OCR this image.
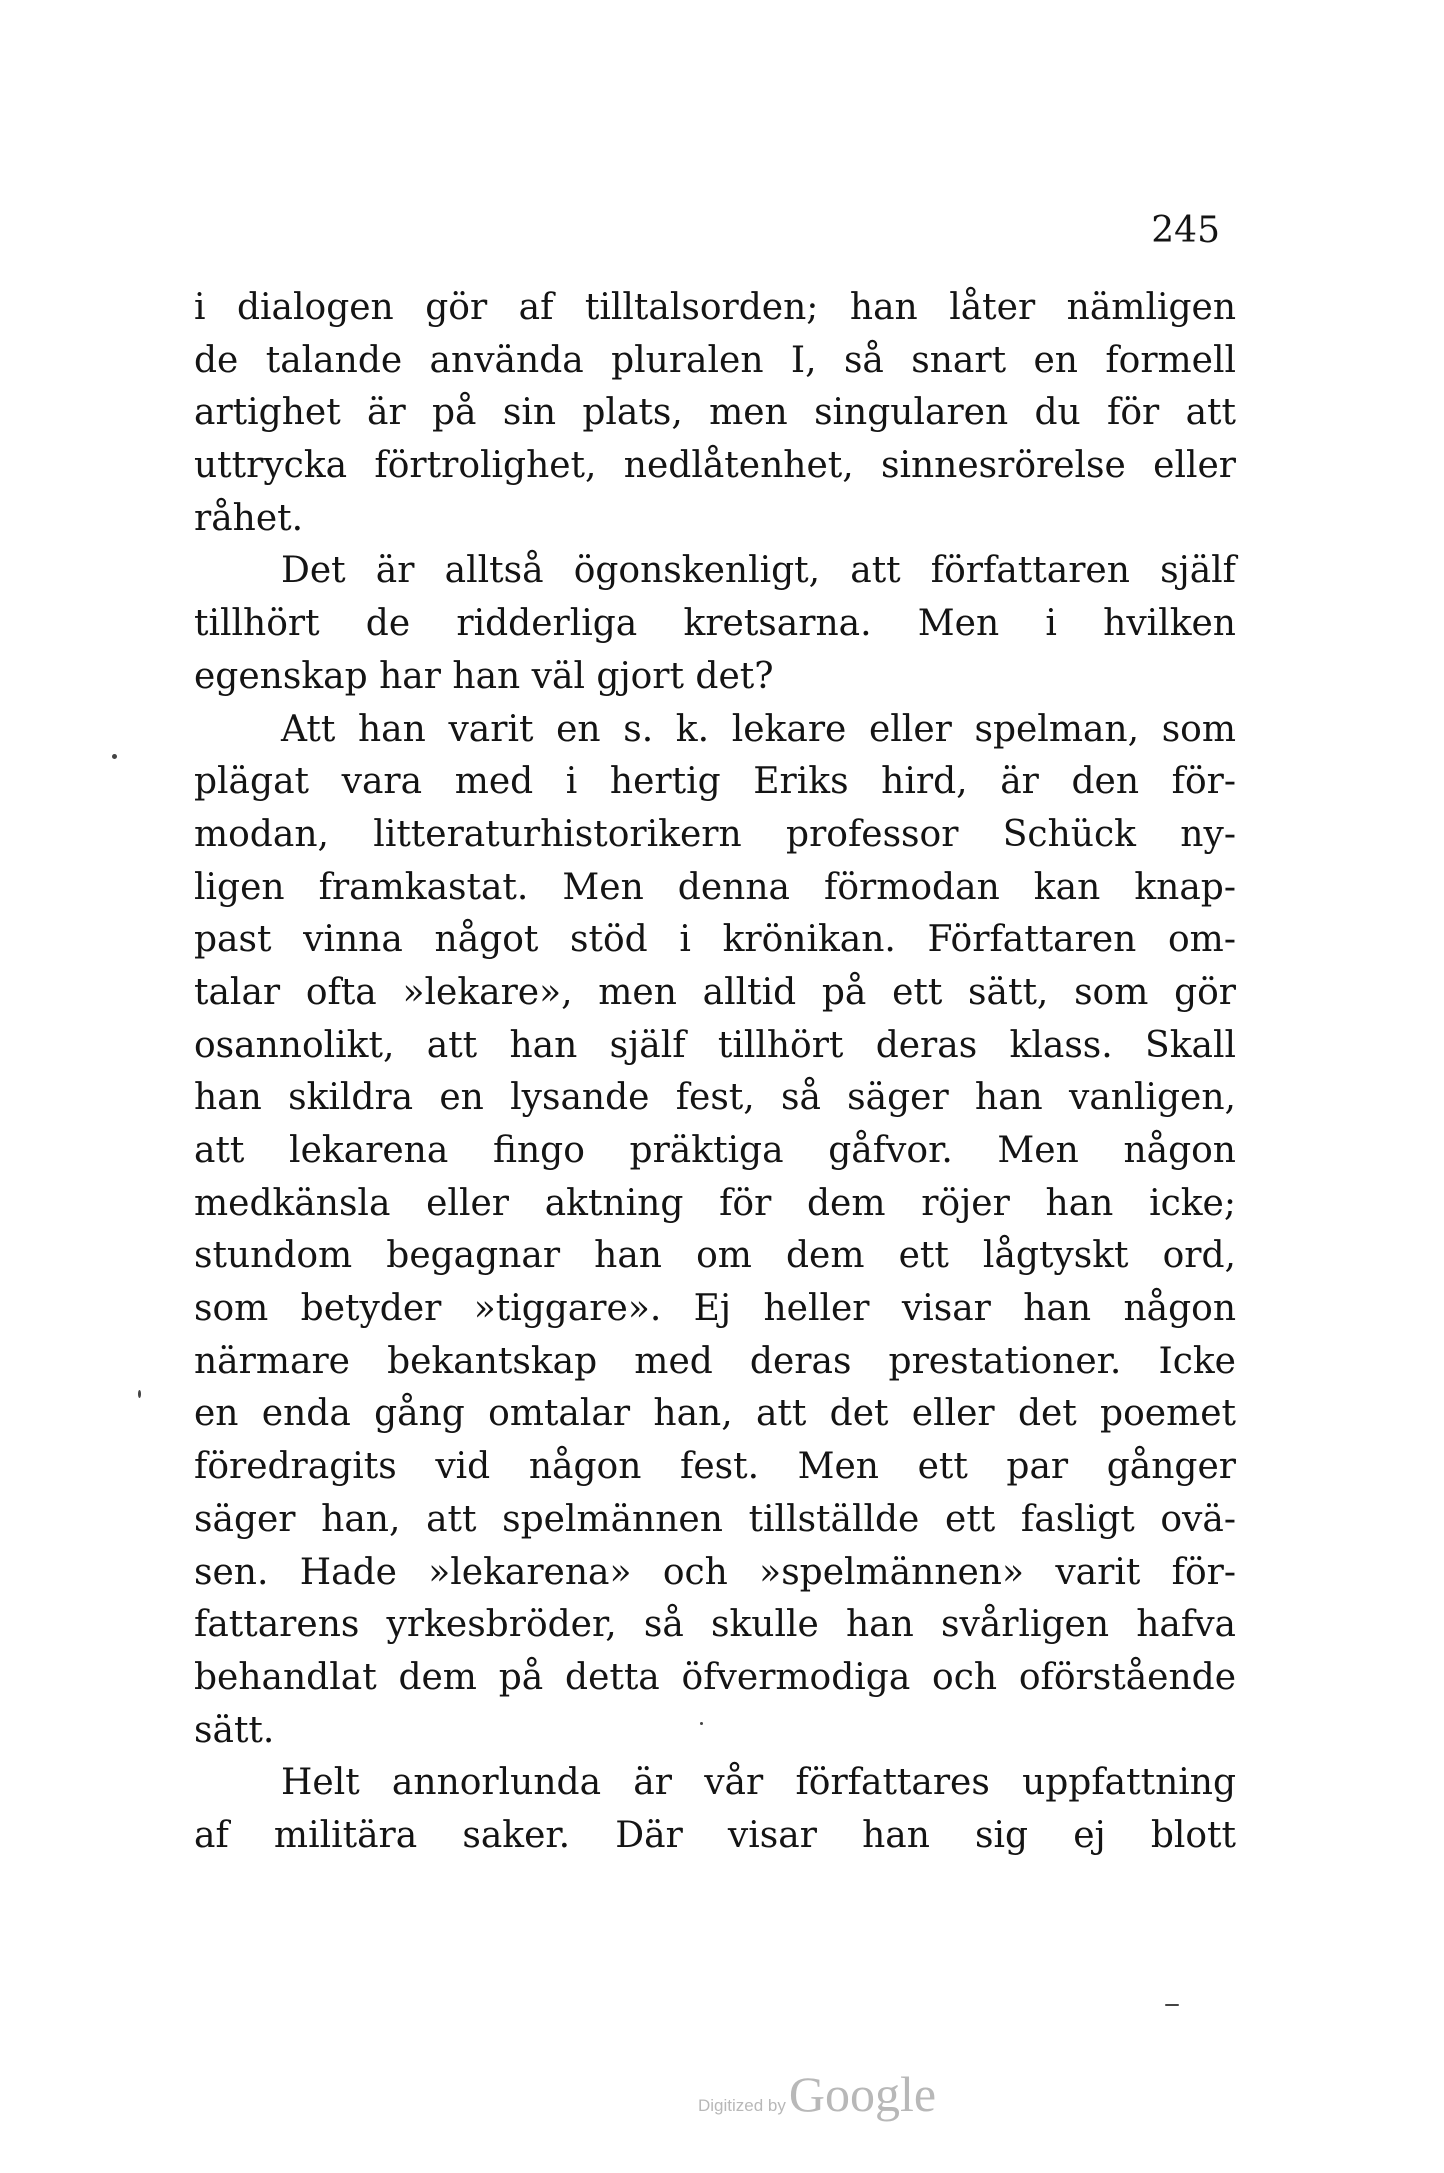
245
i dialogen gör af tilltalsorden; han låter nämligen
de talande använda pluralen I, så snart en formell
artighet är på sin plats, men singularen du för att
uttrycka förtrolighet, nedlåtenhet, sinnesrörelse eller
råhet.
Det är alltså ögonskenligt, att författaren själf
tillhört de ridderliga kretsarna. Men i hvilken
egenskap har han väl gjort det?
Att han varit en s. k. lekare eller spelman, som
plägat vara med i hertig Eriks hird, är den för-
modan, litteraturhistorikern professor Schück ny-
ligen framkastat. Men denna förmodan kan knap-
past vinna något stöd i krönikan. Författaren om-
talar ofta »lekare», men alltid på ett sätt, som gör
osannolikt, att han själf tillhört deras klass. Skall
han skildra en lysande fest, så säger han vanligen,
att lekarena fingo präktiga gåfvor. Men någon
medkänsla eller aktning för dem röjer han icke;
stundom begagnar han om dem ett lågtyskt ord,
som betyder »tiggare». Ej heller visar han någon
närmare bekantskap med deras prestationer. Icke
en enda gång omtalar han, att det eller det poemet
föredragits vid någon fest. Men ett par gånger
säger han, att spelmännen tillställde ett fasligt ovä-
sen. Hade »lekarena» och »spelmännen» varit för-
fattarens yrkesbröder, så skulle han svårligen hafva
behandlat dem på detta öfvermodiga och oförstående
sätt.
Helt annorlunda är vår författares uppfattning
af militära saker. Där visar han sig ej blott
Digitized byGoogle
